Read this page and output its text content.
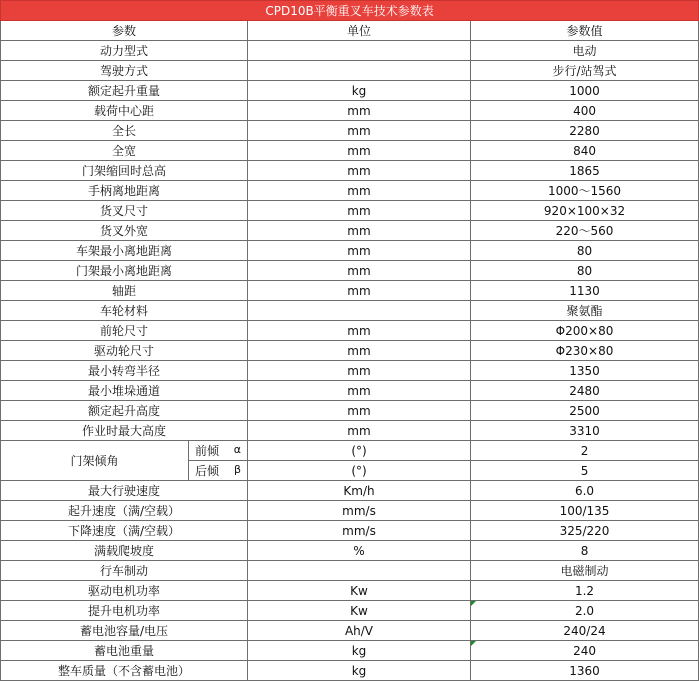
CPD10B平衡重叉车技术参数表			
参数		单位	参数值
动力型式			电动
驾驶方式			步行/站驾式
额定起升重量		kg	1000
载荷中心距		mm	400
全长		mm	2280
全宽		mm	840
门架缩回时总高		mm	1865
手柄离地距离		mm	1000～1560
货叉尺寸		mm	920×100×32
货叉外宽		mm	220～560
车架最小离地距离		mm	80
门架最小离地距离		mm	80
轴距		mm	1130
车轮材料			聚氨酯
前轮尺寸		mm	Φ200×80
驱动轮尺寸		mm	Φ230×80
最小转弯半径		mm	1350
最小堆垛通道		mm	2480
额定起升高度		mm	2500
作业时最大高度		mm	3310
门架倾角	前倾 α	(°)	2
	后倾 β	(°)	5
最大行驶速度		Km/h	6.0
起升速度（满/空载）		mm/s	100/135
下降速度（满/空载）		mm/s	325/220
满载爬坡度		%	8
行车制动			电磁制动
驱动电机功率		Kw	1.2
提升电机功率		Kw	2.0
蓄电池容量/电压		Ah/V	240/24
蓄电池重量		kg	240
整车质量（不含蓄电池）		kg	1360
